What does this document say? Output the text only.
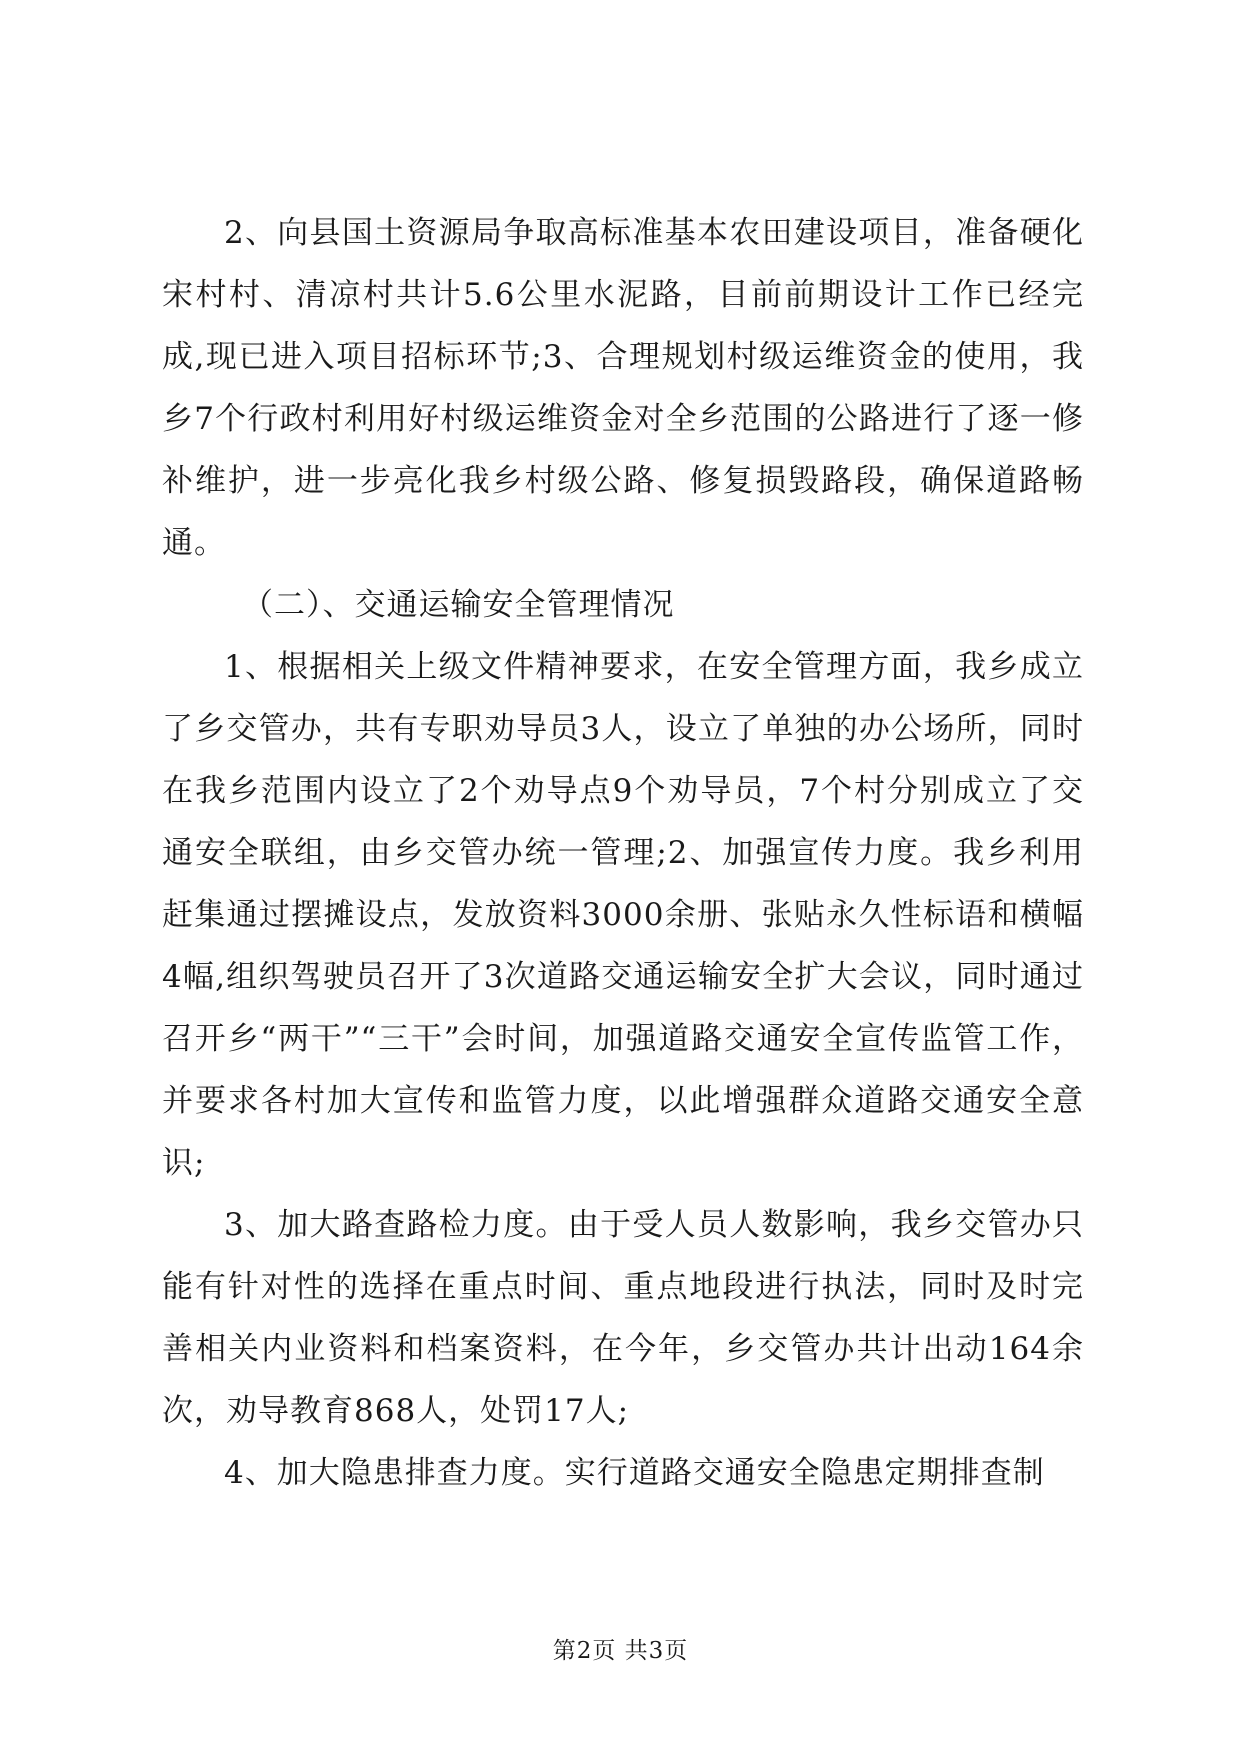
2、向县国土资源局争取高标准基本农田建设项目，准备硬化宋村村、清凉村共计5.6公里水泥路，目前前期设计工作已经完成,现已进入项目招标环节;3、合理规划村级运维资金的使用，我乡7个行政村利用好村级运维资金对全乡范围的公路进行了逐一修补维护，进一步亮化我乡村级公路、修复损毁路段，确保道路畅通。

（二）、交通运输安全管理情况

1、根据相关上级文件精神要求，在安全管理方面，我乡成立了乡交管办，共有专职劝导员3人，设立了单独的办公场所，同时在我乡范围内设立了2个劝导点9个劝导员，7个村分别成立了交通安全联组，由乡交管办统一管理;2、加强宣传力度。我乡利用赶集通过摆摊设点，发放资料3000余册、张贴永久性标语和横幅4幅,组织驾驶员召开了3次道路交通运输安全扩大会议，同时通过召开乡“两干”“三干”会时间，加强道路交通安全宣传监管工作，并要求各村加大宣传和监管力度，以此增强群众道路交通安全意识;

3、加大路查路检力度。由于受人员人数影响，我乡交管办只能有针对性的选择在重点时间、重点地段进行执法，同时及时完善相关内业资料和档案资料，在今年，乡交管办共计出动164余次，劝导教育868人，处罚17人;

4、加大隐患排查力度。实行道路交通安全隐患定期排查制

第2页 共3页
